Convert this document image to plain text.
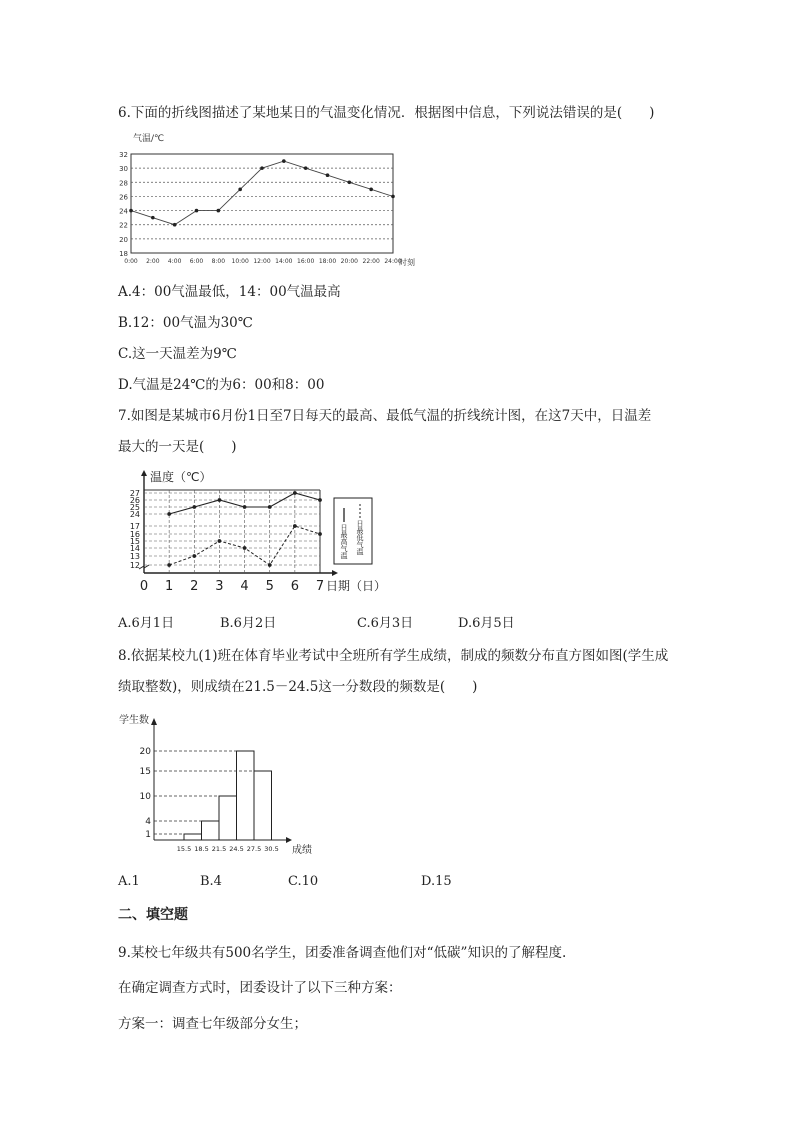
6.下面的折线图描述了某地某日的气温变化情况．根据图中信息，下列说法错误的是(　　)
18
20
22
24
26
28
30
32
0:00 2:00 4:00 6:00 8:00 10:00 12:00 14:00 16:00 18:00 20:00 22:00 24:00
气温/℃
时刻
A.4：00气温最低，14：00气温最高
B.12：00气温为30℃
C.这一天温差为9℃
D.气温是24℃的为6：00和8：00
7.如图是某城市6月份1日至7日每天的最高、最低气温的折线统计图，在这7天中，日温差
最大的一天是(　　)
12
13
14
15
16
17
24
25
26
27
0 1 2 3 4 5 6 7
温度（℃）
日期（日）
日最高气温 日最低气温
A.6月1日	B.6月2日	C.6月3日	D.6月5日
8.依据某校九(1)班在体育毕业考试中全班所有学生成绩，制成的频数分布直方图如图(学生成
绩取整数)，则成绩在21.5－24.5这一分数段的频数是(　　)
学生数
成绩
1
4
10
15
20
15.5 18.5 21.5 24.5 27.5 30.5
A.1	B.4	C.10	D.15
二、填空题
9.某校七年级共有500名学生，团委准备调查他们对“低碳”知识的了解程度.
在确定调查方式时，团委设计了以下三种方案：
方案一：调查七年级部分女生；
